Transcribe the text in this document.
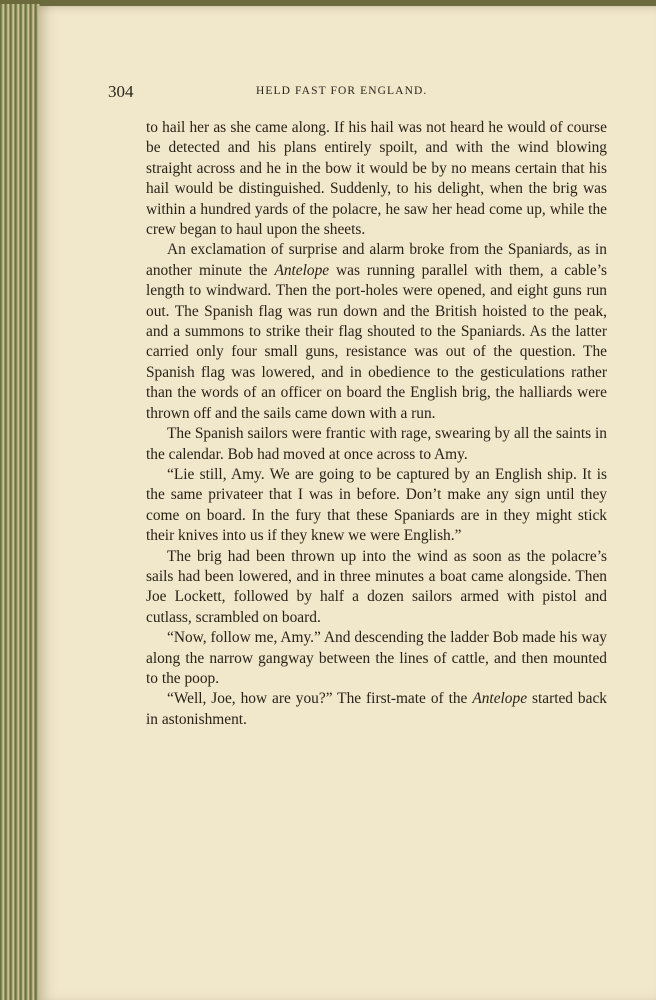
304	HELD FAST FOR ENGLAND.

to hail her as she came along. If his hail was not heard he would of course be detected and his plans entirely spoilt, and with the wind blowing straight across and he in the bow it would be by no means certain that his hail would be distinguished. Suddenly, to his delight, when the brig was within a hundred yards of the polacre, he saw her head come up, while the crew began to haul upon the sheets.

An exclamation of surprise and alarm broke from the Spaniards, as in another minute the Antelope was running parallel with them, a cable’s length to windward. Then the port-holes were opened, and eight guns run out. The Spanish flag was run down and the British hoisted to the peak, and a summons to strike their flag shouted to the Spaniards. As the latter carried only four small guns, resistance was out of the question. The Spanish flag was lowered, and in obedience to the gesticulations rather than the words of an officer on board the English brig, the halliards were thrown off and the sails came down with a run.

The Spanish sailors were frantic with rage, swearing by all the saints in the calendar. Bob had moved at once across to Amy.

“Lie still, Amy. We are going to be captured by an English ship. It is the same privateer that I was in before. Don’t make any sign until they come on board. In the fury that these Spaniards are in they might stick their knives into us if they knew we were English.”

The brig had been thrown up into the wind as soon as the polacre’s sails had been lowered, and in three minutes a boat came alongside. Then Joe Lockett, followed by half a dozen sailors armed with pistol and cutlass, scrambled on board.

“Now, follow me, Amy.” And descending the ladder Bob made his way along the narrow gangway between the lines of cattle, and then mounted to the poop.

“Well, Joe, how are you?” The first-mate of the Antelope started back in astonishment.
